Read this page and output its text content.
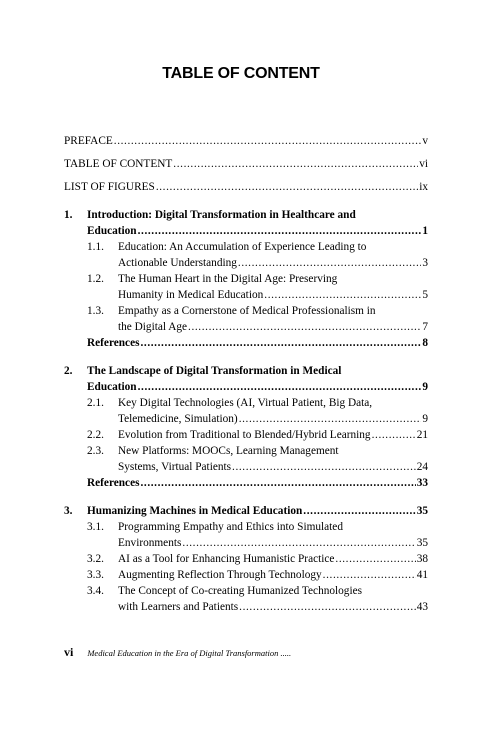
TABLE OF CONTENT
PREFACE .....	v
TABLE OF CONTENT .....	vi
LIST OF FIGURES .....	ix
1. Introduction: Digital Transformation in Healthcare and
Education .....	1
1.1. Education: An Accumulation of Experience Leading to
Actionable Understanding .....	3
1.2. The Human Heart in the Digital Age: Preserving
Humanity in Medical Education .....	5
1.3. Empathy as a Cornerstone of Medical Professionalism in
the Digital Age .....	7
References .....	8
2. The Landscape of Digital Transformation in Medical
Education .....	9
2.1. Key Digital Technologies (AI, Virtual Patient, Big Data,
Telemedicine, Simulation) .....	9
2.2.	Evolution from Traditional to Blended/Hybrid Learning .....	21
2.3. New Platforms: MOOCs, Learning Management
Systems, Virtual Patients .....	24
References .....	33
3.	Humanizing Machines in Medical Education .....	35
3.1. Programming Empathy and Ethics into Simulated
Environments .....	35
3.2.	AI as a Tool for Enhancing Humanistic Practice .....	38
3.3.	Augmenting Reflection Through Technology .....	41
3.4. The Concept of Co-creating Humanized Technologies
with Learners and Patients .....	43
vi Medical Education in the Era of Digital Transformation .....
